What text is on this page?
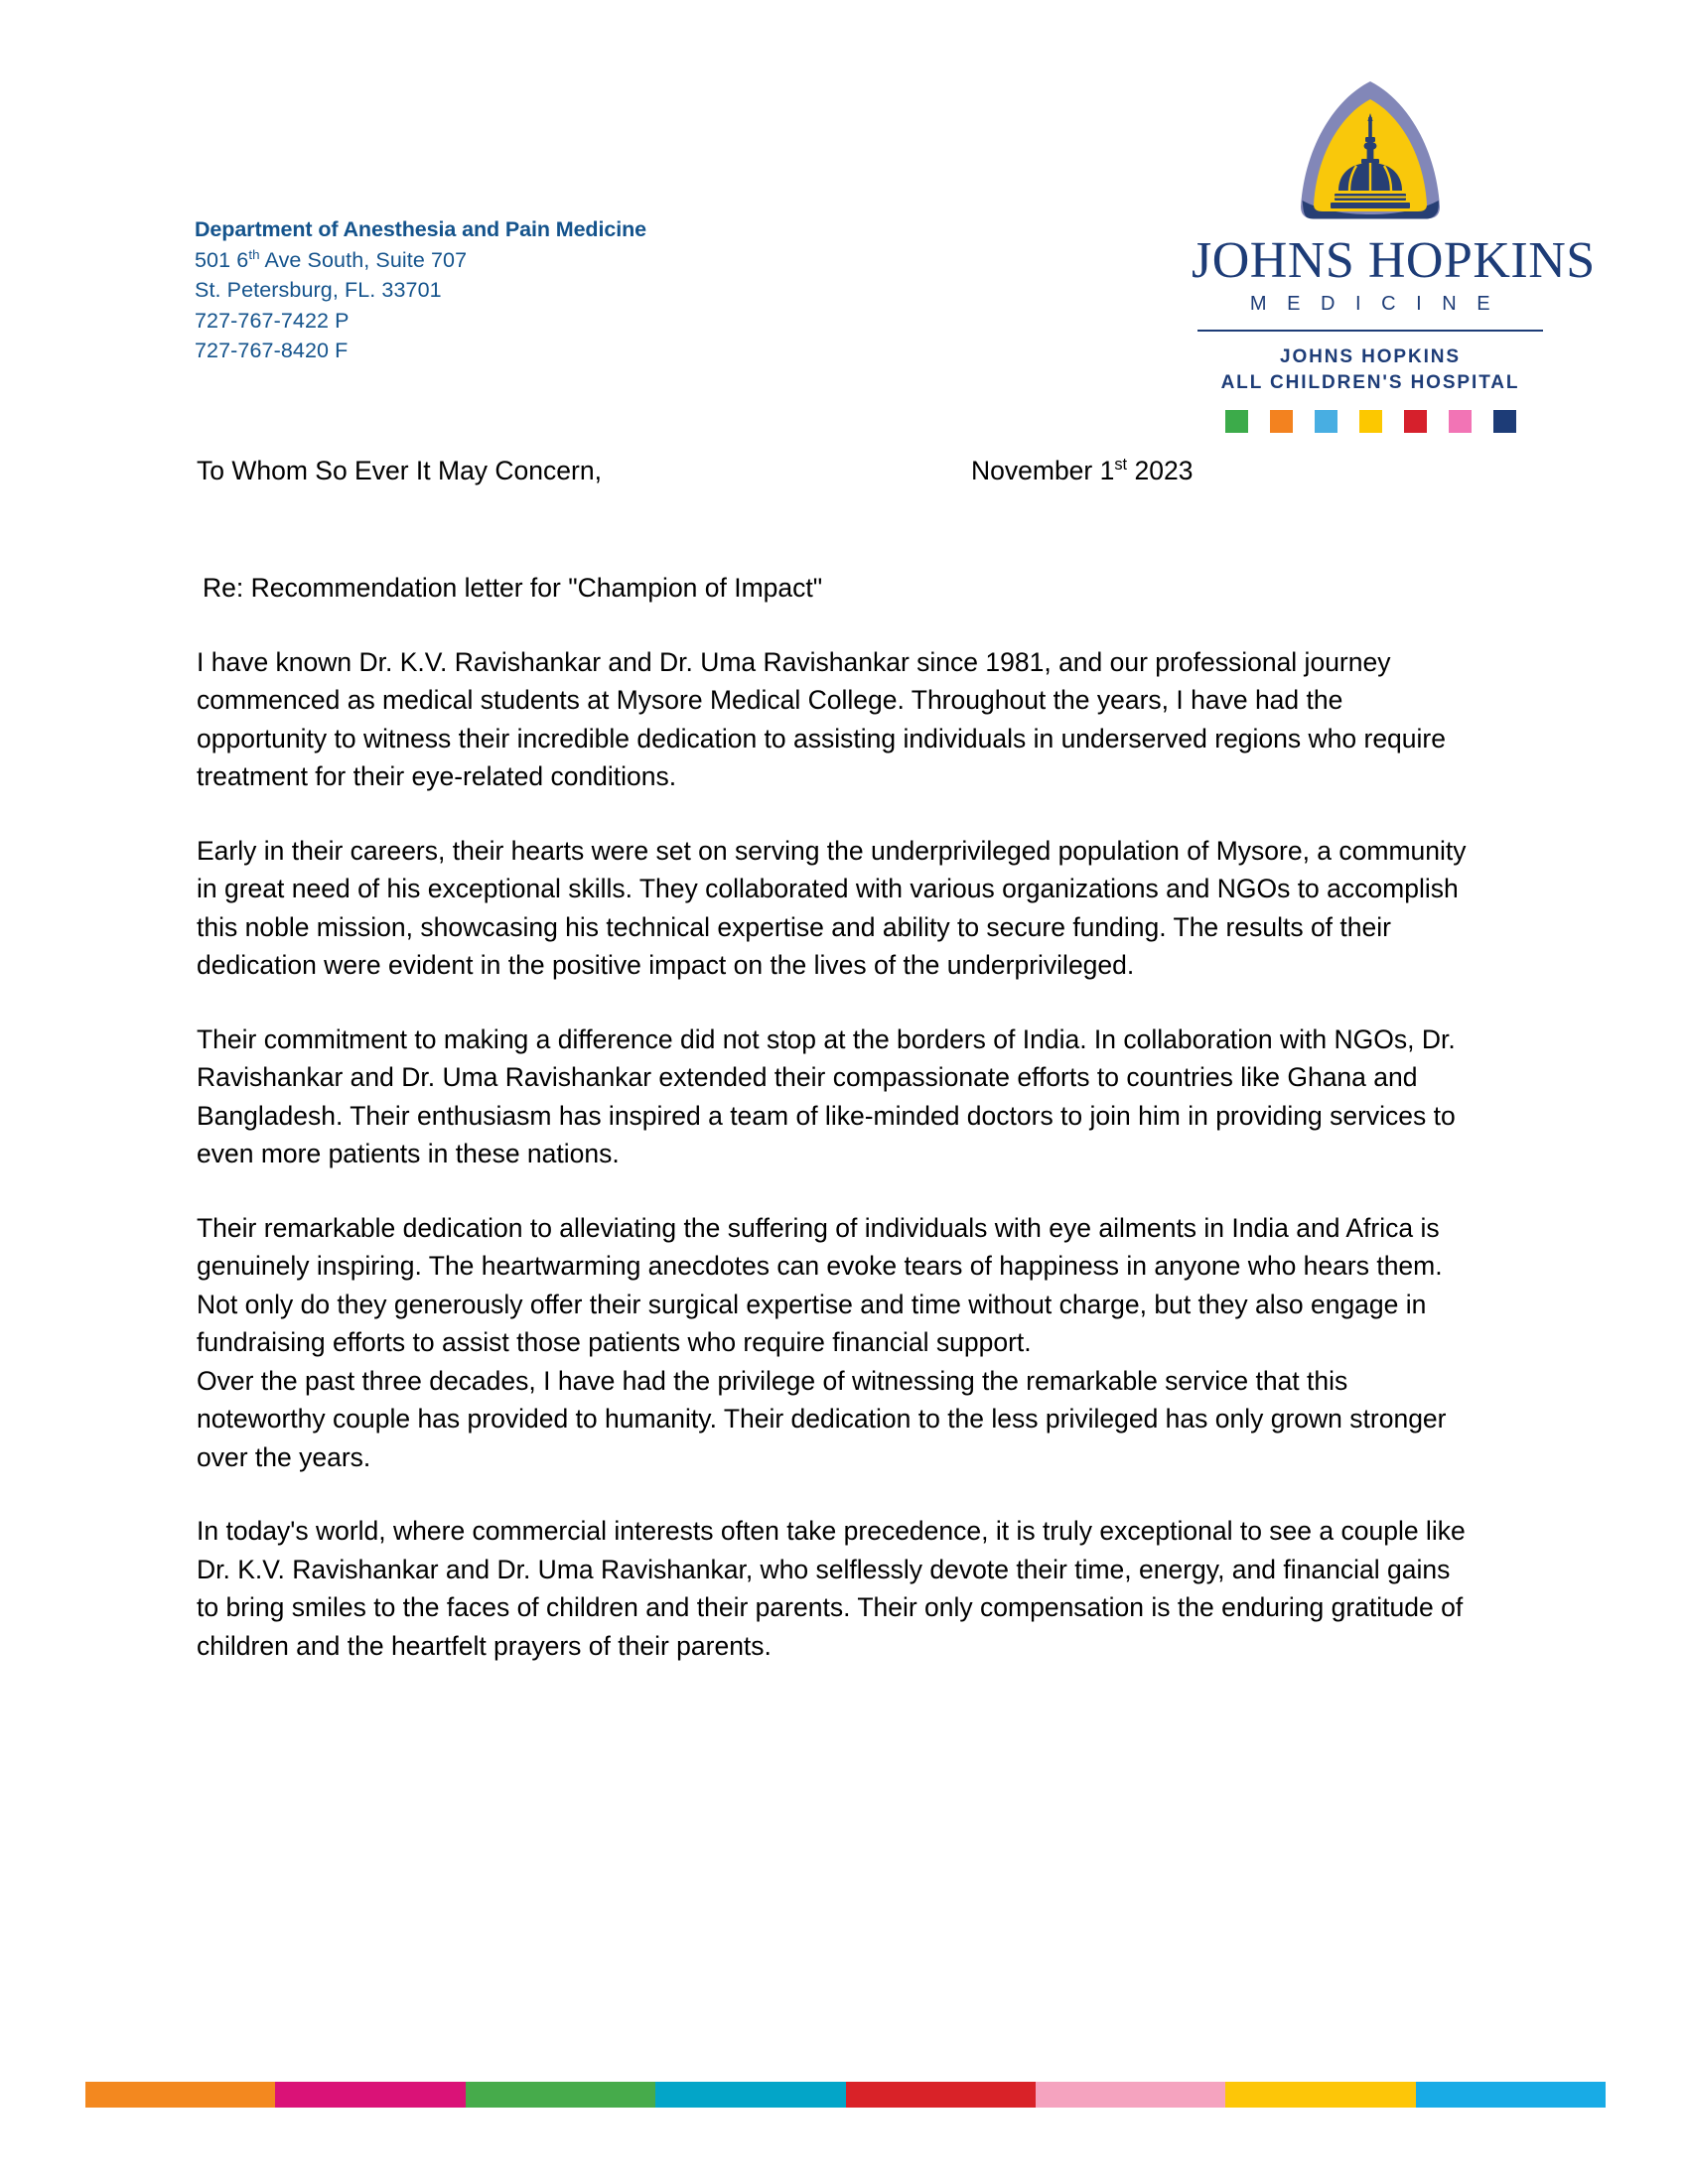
Department of Anesthesia and Pain Medicine
501 6th Ave South, Suite 707
St. Petersburg, FL. 33701
727-767-7422 P
727-767-8420 F
JOHNS HOPKINS
M E D I C I N E
JOHNS HOPKINS
ALL CHILDREN'S HOSPITAL
To Whom So Ever It May Concern,	November 1st 2023
Re: Recommendation letter for "Champion of Impact"
I have known Dr. K.V. Ravishankar and Dr. Uma Ravishankar since 1981, and our professional journey commenced as medical students at Mysore Medical College. Throughout the years, I have had the opportunity to witness their incredible dedication to assisting individuals in underserved regions who require treatment for their eye-related conditions.
Early in their careers, their hearts were set on serving the underprivileged population of Mysore, a community in great need of his exceptional skills. They collaborated with various organizations and NGOs to accomplish this noble mission, showcasing his technical expertise and ability to secure funding. The results of their dedication were evident in the positive impact on the lives of the underprivileged.
Their commitment to making a difference did not stop at the borders of India. In collaboration with NGOs, Dr. Ravishankar and Dr. Uma Ravishankar extended their compassionate efforts to countries like Ghana and Bangladesh. Their enthusiasm has inspired a team of like-minded doctors to join him in providing services to even more patients in these nations.
Their remarkable dedication to alleviating the suffering of individuals with eye ailments in India and Africa is genuinely inspiring. The heartwarming anecdotes can evoke tears of happiness in anyone who hears them. Not only do they generously offer their surgical expertise and time without charge, but they also engage in fundraising efforts to assist those patients who require financial support.
Over the past three decades, I have had the privilege of witnessing the remarkable service that this noteworthy couple has provided to humanity. Their dedication to the less privileged has only grown stronger over the years.
In today's world, where commercial interests often take precedence, it is truly exceptional to see a couple like Dr. K.V. Ravishankar and Dr. Uma Ravishankar, who selflessly devote their time, energy, and financial gains to bring smiles to the faces of children and their parents. Their only compensation is the enduring gratitude of children and the heartfelt prayers of their parents.
